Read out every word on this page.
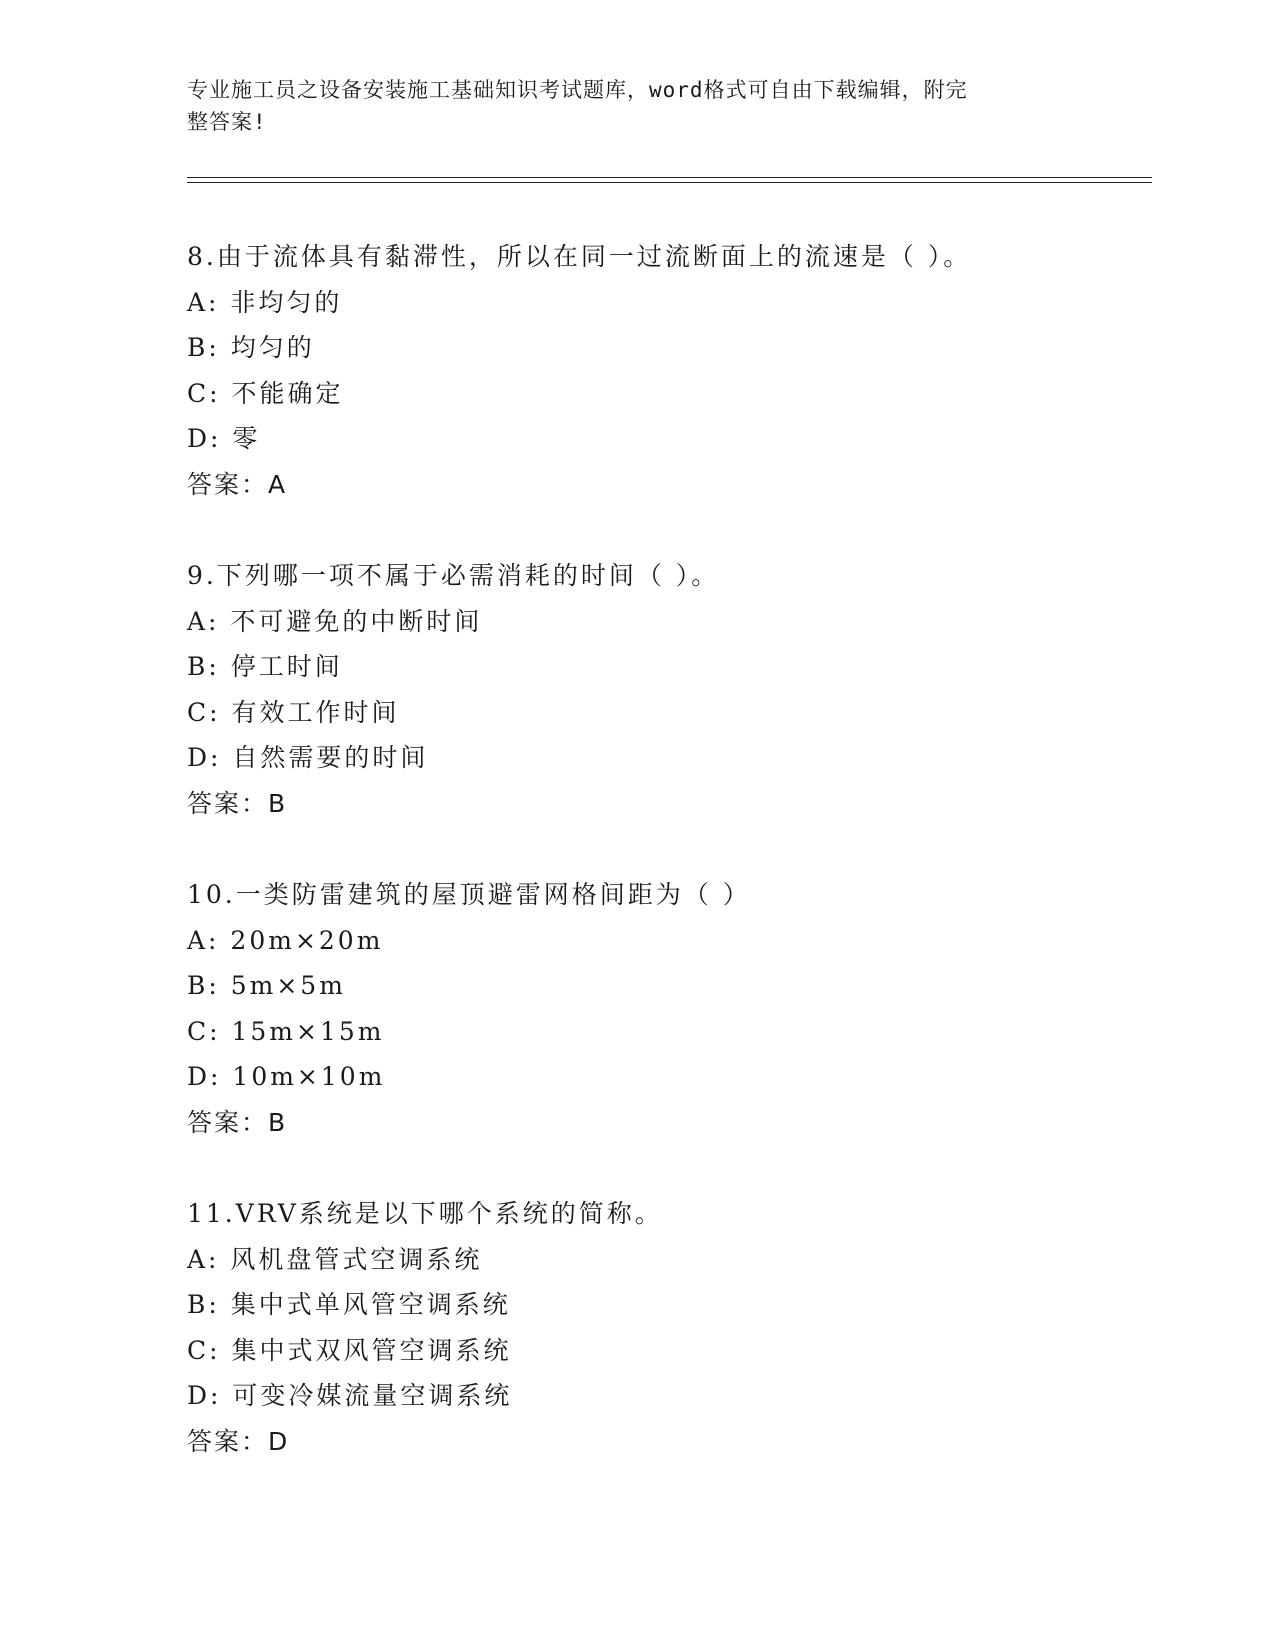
专业施工员之设备安装施工基础知识考试题库，word格式可自由下载编辑，附完
整答案!

8.由于流体具有黏滞性，所以在同一过流断面上的流速是（ ）。

A: 非均匀的

B: 均匀的

C: 不能确定

D: 零

答案：A

9.下列哪一项不属于必需消耗的时间（ ）。

A: 不可避免的中断时间

B: 停工时间

C: 有效工作时间

D: 自然需要的时间

答案：B

10.一类防雷建筑的屋顶避雷网格间距为（ ）

A: 20m×20m

B: 5m×5m

C: 15m×15m

D: 10m×10m

答案：B

11.VRV系统是以下哪个系统的简称。

A: 风机盘管式空调系统

B: 集中式单风管空调系统

C: 集中式双风管空调系统

D: 可变冷媒流量空调系统

答案：D
